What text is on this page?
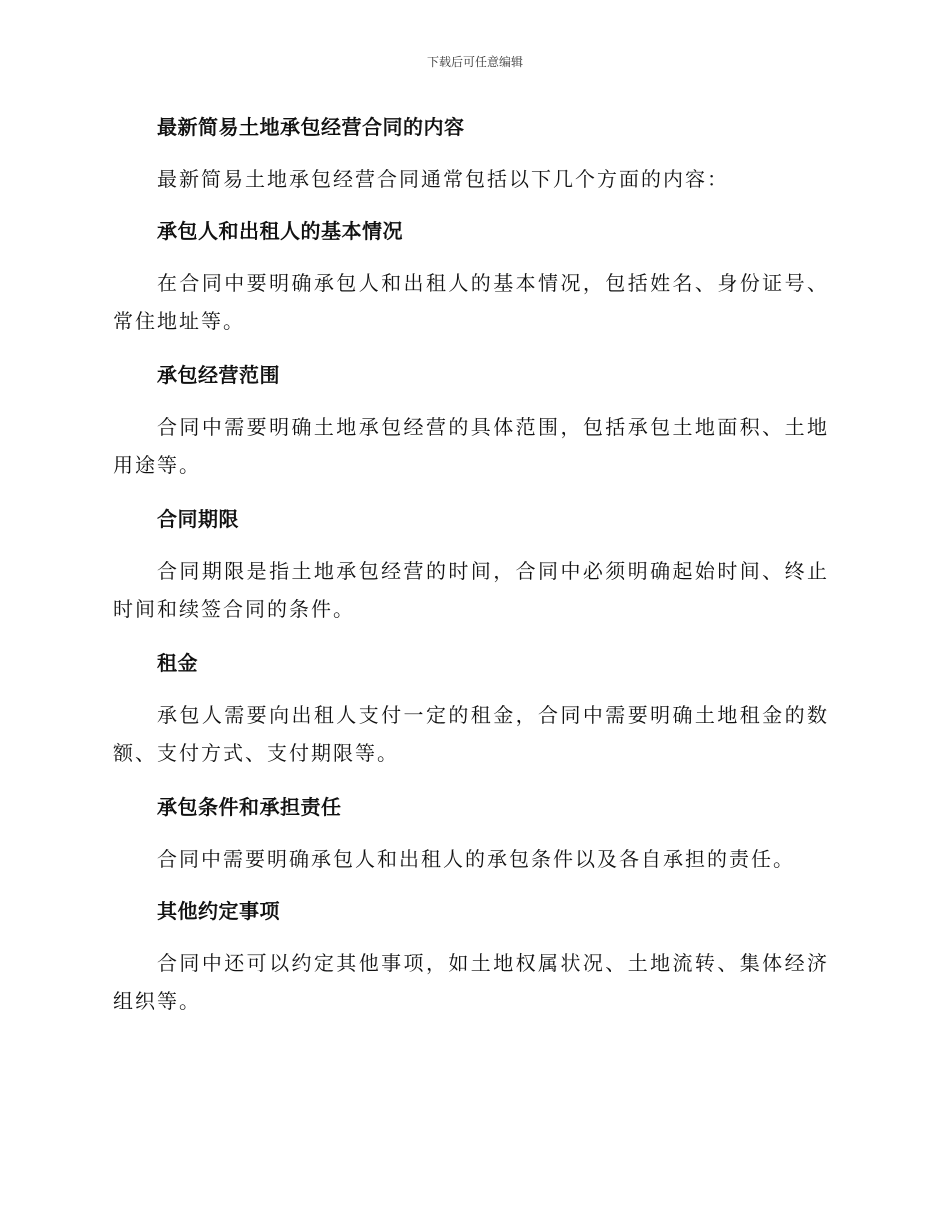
下载后可任意编辑
最新简易土地承包经营合同的内容

最新简易土地承包经营合同通常包括以下几个方面的内容：

承包人和出租人的基本情况

在合同中要明确承包人和出租人的基本情况，包括姓名、身份证号、常住地址等。

承包经营范围

合同中需要明确土地承包经营的具体范围，包括承包土地面积、土地用途等。

合同期限

合同期限是指土地承包经营的时间，合同中必须明确起始时间、终止时间和续签合同的条件。

租金

承包人需要向出租人支付一定的租金，合同中需要明确土地租金的数额、支付方式、支付期限等。

承包条件和承担责任

合同中需要明确承包人和出租人的承包条件以及各自承担的责任。

其他约定事项

合同中还可以约定其他事项，如土地权属状况、土地流转、集体经济组织等。
